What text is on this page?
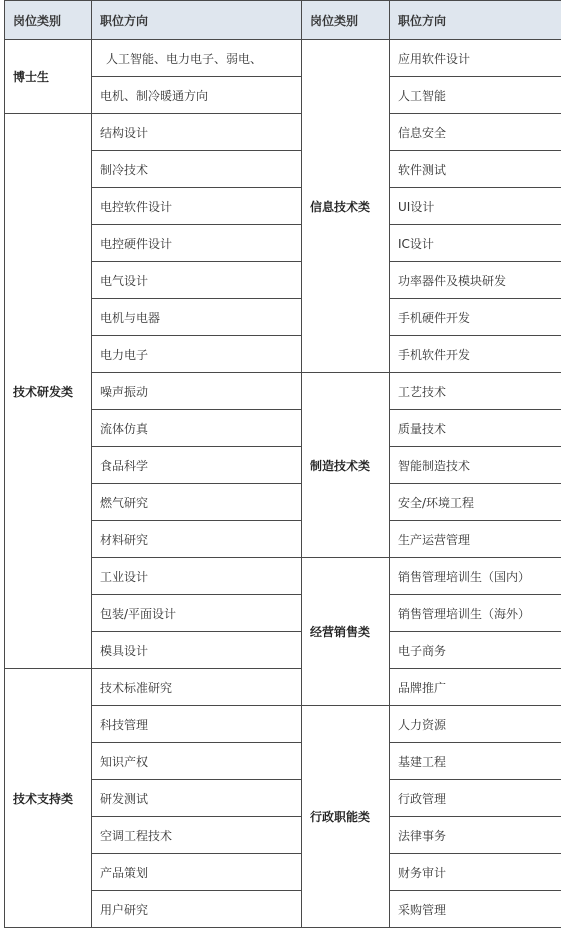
岗位类别	职位方向	岗位类别	职位方向
博士生	人工智能、电力电子、弱电、	信息技术类	应用软件设计
	电机、制冷暖通方向		人工智能
技术研发类	结构设计		信息安全
	制冷技术		软件测试
	电控软件设计		UI设计
	电控硬件设计		IC设计
	电气设计		功率器件及模块研发
	电机与电器		手机硬件开发
	电力电子		手机软件开发
	噪声振动	制造技术类	工艺技术
	流体仿真		质量技术
	食品科学		智能制造技术
	燃气研究		安全/环境工程
	材料研究		生产运营管理
	工业设计	经营销售类	销售管理培训生（国内）
	包装/平面设计		销售管理培训生（海外）
	模具设计		电子商务
技术支持类	技术标准研究		品牌推广
	科技管理	行政职能类	人力资源
	知识产权		基建工程
	研发测试		行政管理
	空调工程技术		法律事务
	产品策划		财务审计
	用户研究		采购管理
